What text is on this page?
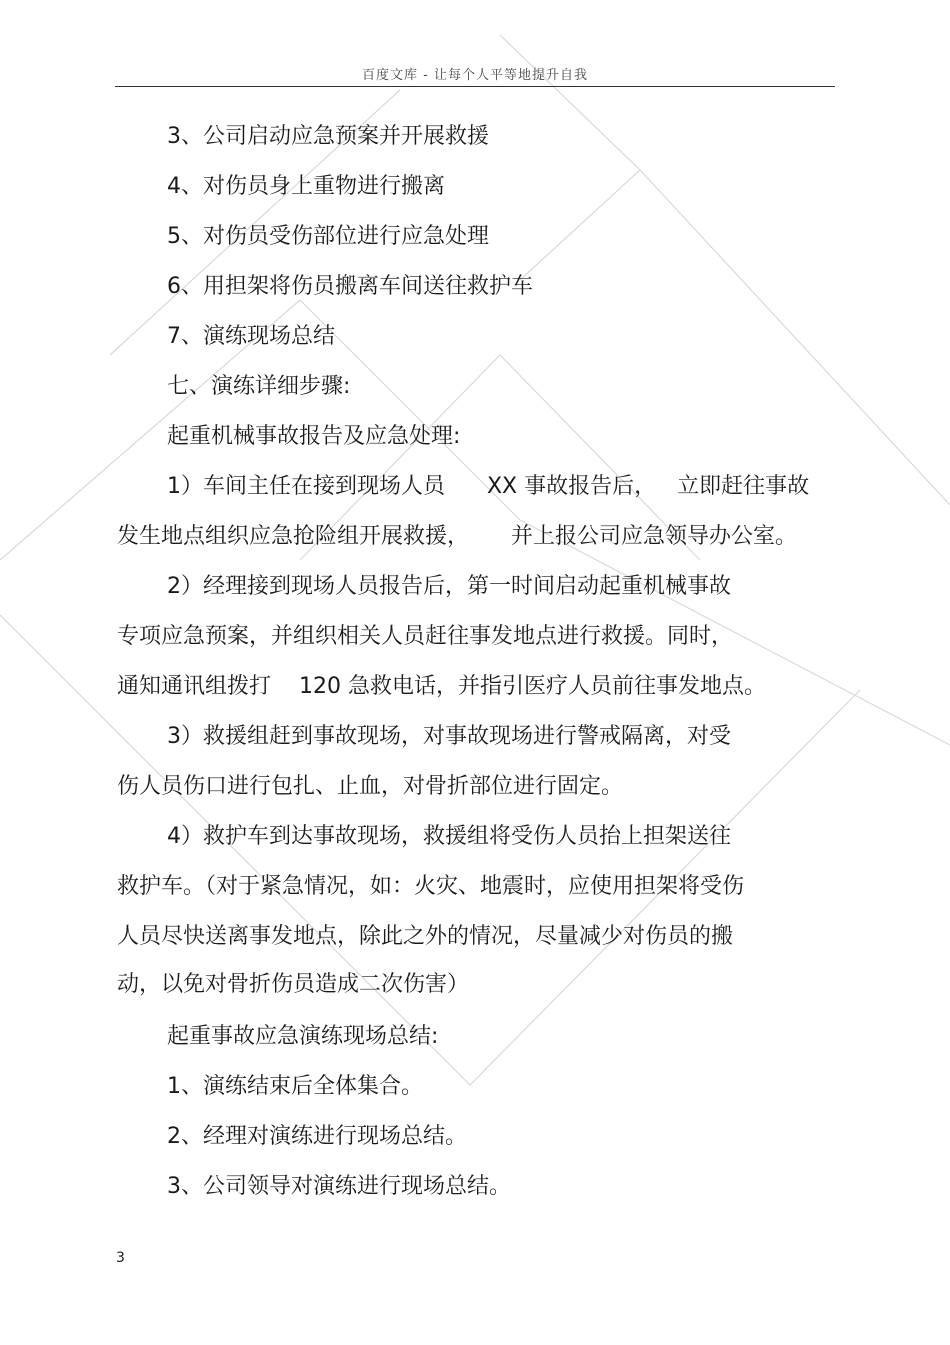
百度文库 - 让每个人平等地提升自我
3、公司启动应急预案并开展救援
4、对伤员身上重物进行搬离
5、对伤员受伤部位进行应急处理
6、用担架将伤员搬离车间送往救护车
7、演练现场总结
七、演练详细步骤:
起重机械事故报告及应急处理:
1）车间主任在接到现场人员      XX 事故报告后，   立即赶往事故
发生地点组织应急抢险组开展救援，      并上报公司应急领导办公室。
2）经理接到现场人员报告后，第一时间启动起重机械事故
专项应急预案，并组织相关人员赶往事发地点进行救援。同时，
通知通讯组拨打    120 急救电话，并指引医疗人员前往事发地点。
3）救援组赶到事故现场，对事故现场进行警戒隔离，对受
伤人员伤口进行包扎、止血，对骨折部位进行固定。
4）救护车到达事故现场，救援组将受伤人员抬上担架送往
救护车。（对于紧急情况，如：火灾、地震时，应使用担架将受伤
人员尽快送离事发地点，除此之外的情况，尽量减少对伤员的搬
动，以免对骨折伤员造成二次伤害）
起重事故应急演练现场总结:
1、演练结束后全体集合。
2、经理对演练进行现场总结。
3、公司领导对演练进行现场总结。
3
